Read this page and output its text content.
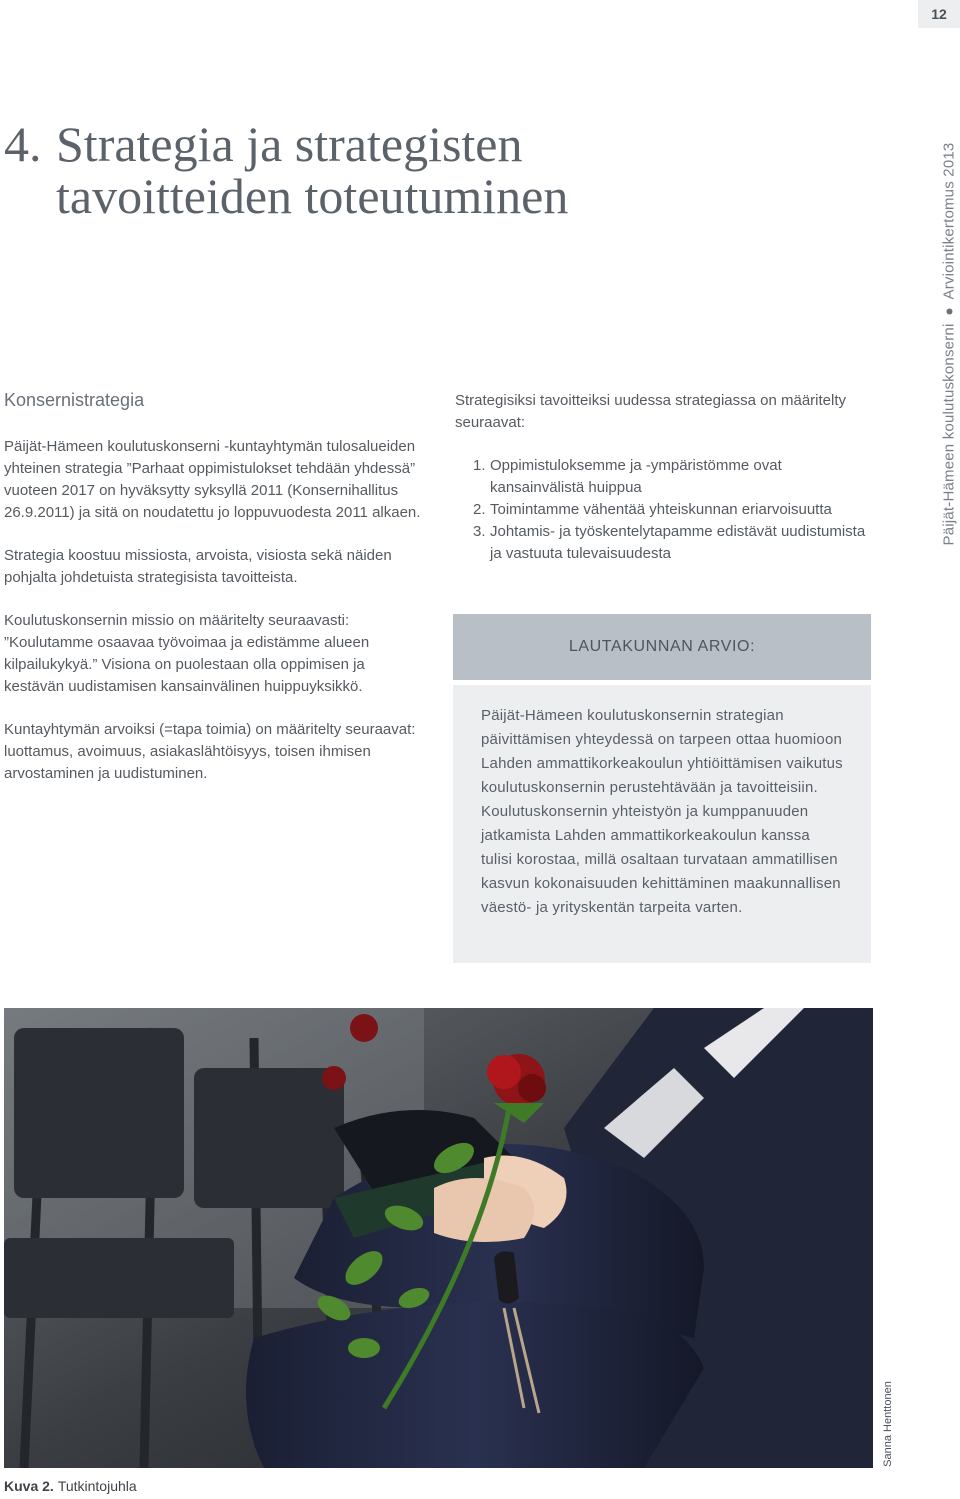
12
4. Strategia ja strategisten
tavoitteiden toteutuminen
Päijät-Hämeen koulutuskonserniArviointikertomus 2013
Konsernistrategia

Päijät-Hämeen koulutuskonserni -kuntayhtymän tulosalueiden yhteinen strategia ”Parhaat oppimistulokset tehdään yhdessä” vuoteen 2017 on hyväksytty syksyllä 2011 (Konsernihallitus 26.9.2011) ja sitä on noudatettu jo loppuvuodesta 2011 alkaen.

Strategia koostuu missiosta, arvoista, visiosta sekä näiden pohjalta johdetuista strategisista tavoitteista.

Koulutuskonsernin missio on määritelty seuraavasti: ”Koulutamme osaavaa työvoimaa ja edistämme alueen kilpailukykyä.” Visiona on puolestaan olla oppimisen ja kestävän uudistamisen kansainvälinen huippuyksikkö.

Kuntayhtymän arvoiksi (=tapa toimia) on määritelty seuraavat: luottamus, avoimuus, asiakaslähtöisyys, toisen ihmisen arvostaminen ja uudistuminen.

Strategisiksi tavoitteiksi uudessa strategiassa on määritelty seuraavat:

1. Oppimistuloksemme ja -ympäristömme ovat kansainvälistä huippua
2. Toimintamme vähentää yhteiskunnan eriarvoisuutta
3. Johtamis- ja työskentelytapamme edistävät uudistumista ja vastuuta tulevaisuudesta
LAUTAKUNNAN ARVIO:

Päijät-Hämeen koulutuskonsernin strategian päivittämisen yhteydessä on tarpeen ottaa huomioon Lahden ammattikorkeakoulun yhtiöittämisen vaikutus koulutuskonsernin perustehtävään ja tavoitteisiin. Koulutuskonsernin yhteistyön ja kumppanuuden jatkamista Lahden ammattikorkeakoulun kanssa tulisi korostaa, millä osaltaan turvataan ammatillisen kasvun kokonaisuuden kehittäminen maakunnallisen väestö- ja yrityskentän tarpeita varten.

Sanna Henttonen
Kuva 2. Tutkintojuhla
